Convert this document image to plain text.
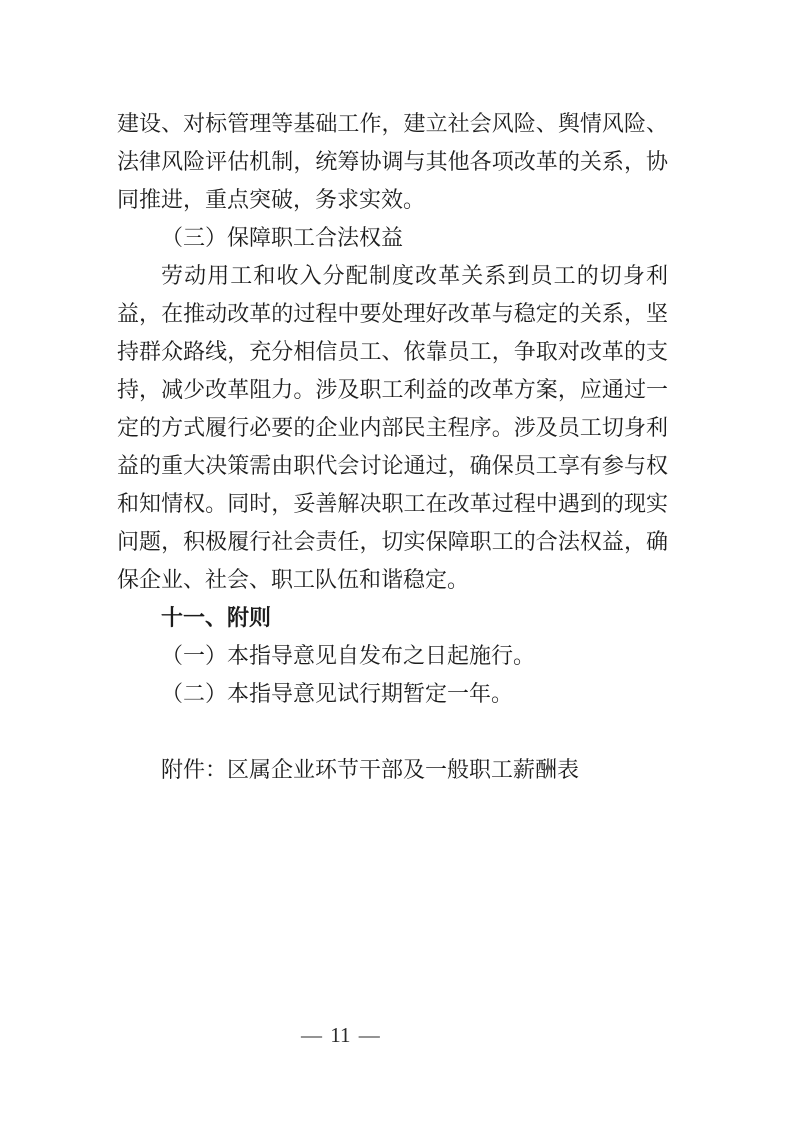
建设、对标管理等基础工作，建立社会风险、舆情风险、法律风险评估机制，统筹协调与其他各项改革的关系，协同推进，重点突破，务求实效。

（三）保障职工合法权益

劳动用工和收入分配制度改革关系到员工的切身利益，在推动改革的过程中要处理好改革与稳定的关系，坚持群众路线，充分相信员工、依靠员工，争取对改革的支持，减少改革阻力。涉及职工利益的改革方案，应通过一定的方式履行必要的企业内部民主程序。涉及员工切身利益的重大决策需由职代会讨论通过，确保员工享有参与权和知情权。同时，妥善解决职工在改革过程中遇到的现实问题，积极履行社会责任，切实保障职工的合法权益，确保企业、社会、职工队伍和谐稳定。

十一、附则

（一）本指导意见自发布之日起施行。

（二）本指导意见试行期暂定一年。

附件：区属企业环节干部及一般职工薪酬表

— 11 —
